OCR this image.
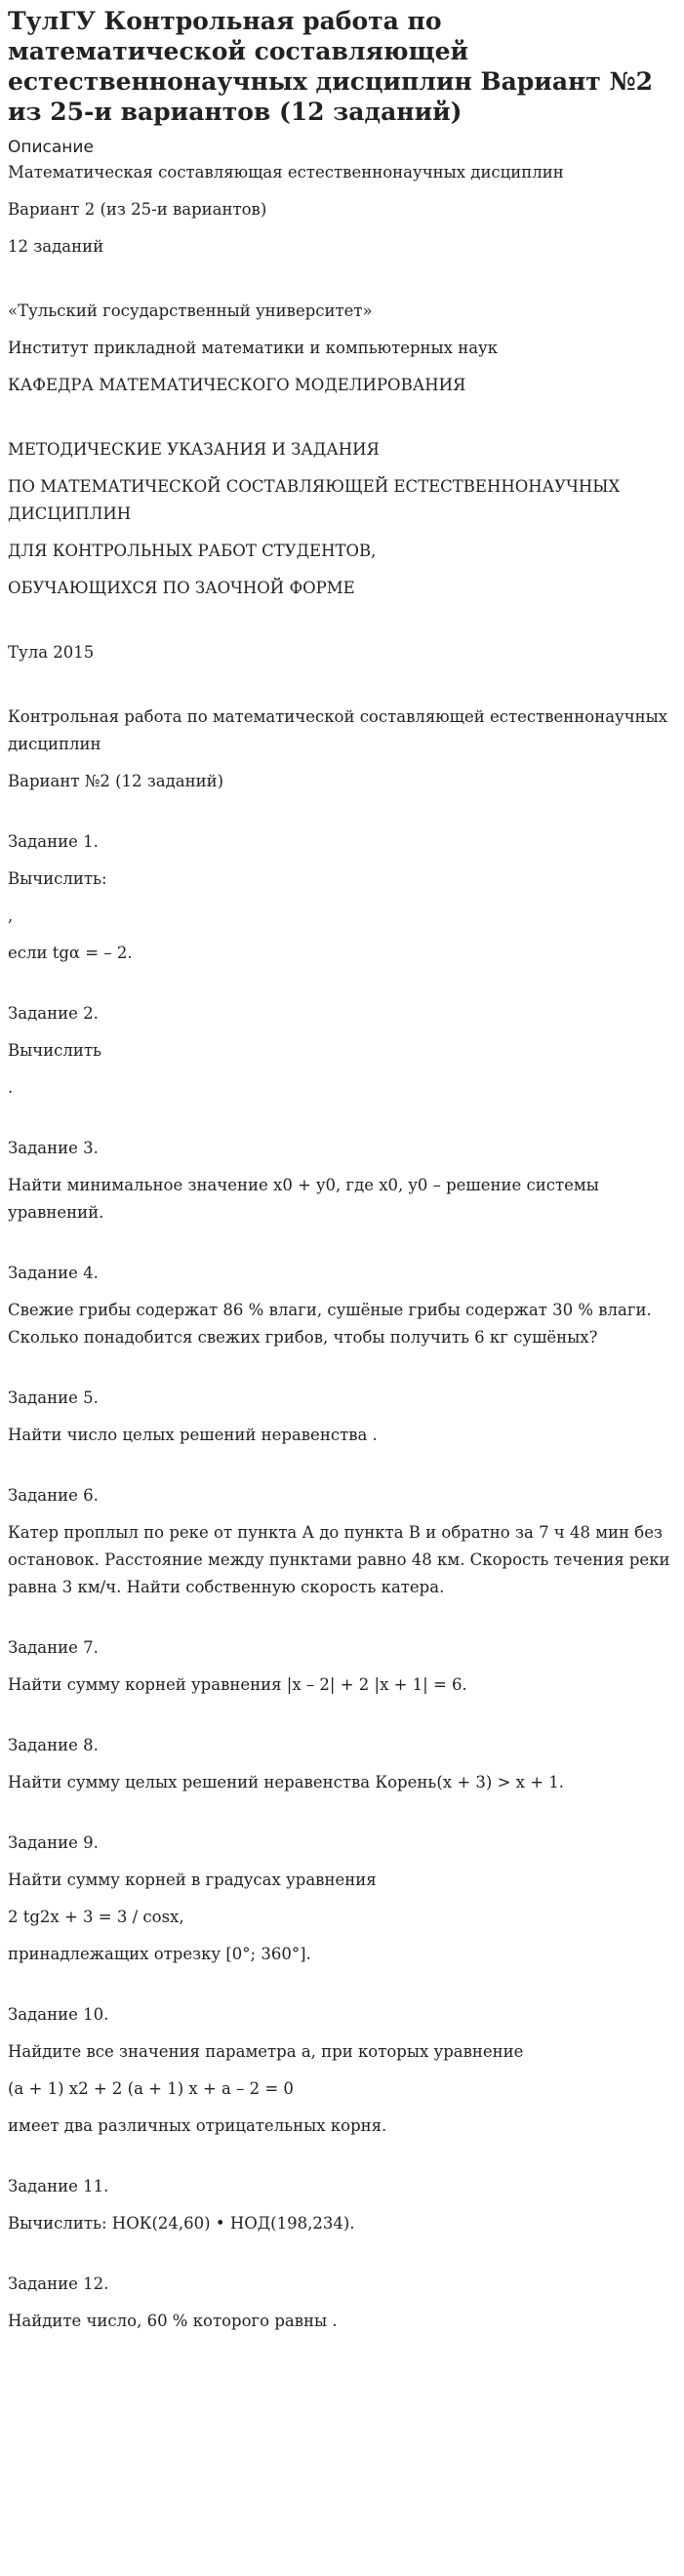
ТулГУ Контрольная работа по математической составляющей естественнонаучных дисциплин Вариант №2 из 25-и вариантов (12 заданий)
Описание

Математическая составляющая естественнонаучных дисциплин

Вариант 2 (из 25-и вариантов)

12 заданий

«Тульский государственный университет»

Институт прикладной математики и компьютерных наук

КАФЕДРА МАТЕМАТИЧЕСКОГО МОДЕЛИРОВАНИЯ

МЕТОДИЧЕСКИЕ УКАЗАНИЯ И ЗАДАНИЯ

ПО МАТЕМАТИЧЕСКОЙ СОСТАВЛЯЮЩЕЙ ЕСТЕСТВЕННОНАУЧНЫХ ДИСЦИПЛИН

ДЛЯ КОНТРОЛЬНЫХ РАБОТ СТУДЕНТОВ,

ОБУЧАЮЩИХСЯ ПО ЗАОЧНОЙ ФОРМЕ

Тула 2015

Контрольная работа по математической составляющей естественнонаучных дисциплин

Вариант №2 (12 заданий)

Задание 1.

Вычислить:

,

если tgα = – 2.

Задание 2.

Вычислить

.

Задание 3.

Найти минимальное значение x0 + y0, где x0, y0 – решение системы уравнений.

Задание 4.

Свежие грибы содержат 86 % влаги, сушёные грибы содержат 30 % влаги. Сколько понадобится свежих грибов, чтобы получить 6 кг сушёных?

Задание 5.

Найти число целых решений неравенства .

Задание 6.

Катер проплыл по реке от пункта А до пункта В и обратно за 7 ч 48 мин без остановок. Расстояние между пунктами равно 48 км. Скорость течения реки равна 3 км/ч. Найти собственную скорость катера.

Задание 7.

Найти сумму корней уравнения |x – 2| + 2 |x + 1| = 6.

Задание 8.

Найти сумму целых решений неравенства Корень(x + 3) > x + 1.

Задание 9.

Найти сумму корней в градусах уравнения

2 tg2x + 3 = 3 / cosx,

принадлежащих отрезку [0°; 360°].

Задание 10.

Найдите все значения параметра a, при которых уравнение

(a + 1) x2 + 2 (a + 1) x + a – 2 = 0

имеет два различных отрицательных корня.

Задание 11.

Вычислить: НОК(24,60) • НОД(198,234).

Задание 12.

Найдите число, 60 % которого равны .
